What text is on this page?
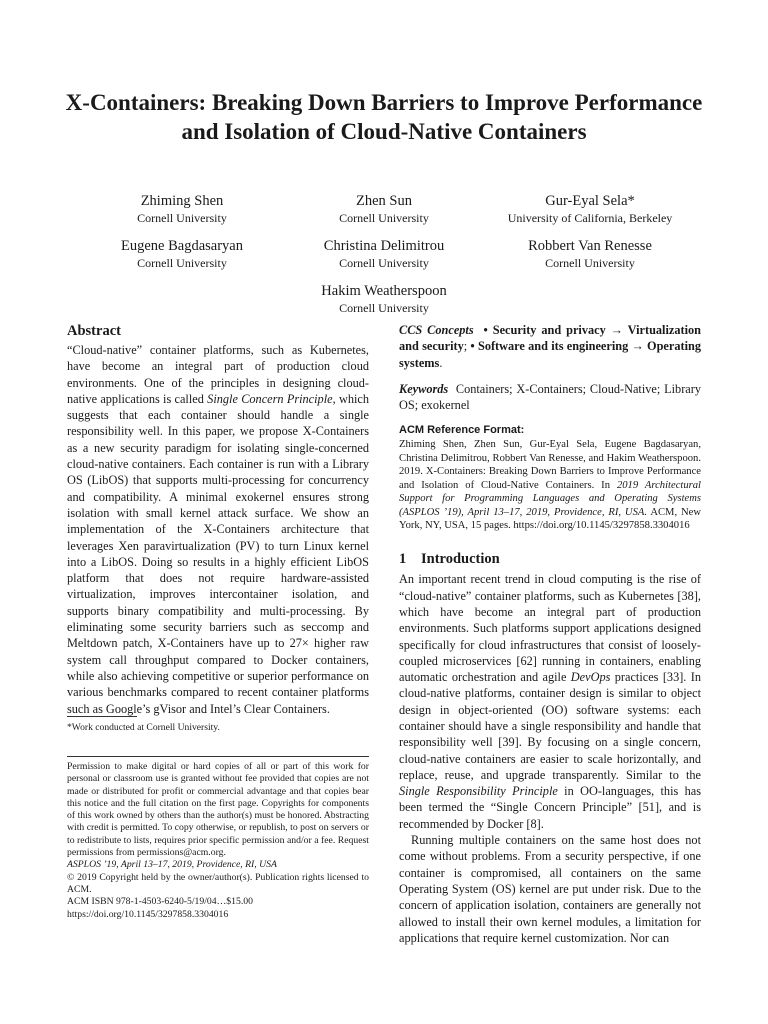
X-Containers: Breaking Down Barriers to Improve Performance and Isolation of Cloud-Native Containers
Zhiming Shen
Cornell University
Zhen Sun
Cornell University
Gur-Eyal Sela*
University of California, Berkeley
Eugene Bagdasaryan
Cornell University
Christina Delimitrou
Cornell University
Robbert Van Renesse
Cornell University
Hakim Weatherspoon
Cornell University
Abstract

“Cloud-native” container platforms, such as Kubernetes, have become an integral part of production cloud environments. One of the principles in designing cloud-native applications is called Single Concern Principle, which suggests that each container should handle a single responsibility well. In this paper, we propose X-Containers as a new security paradigm for isolating single-concerned cloud-native containers. Each container is run with a Library OS (LibOS) that supports multi-processing for concurrency and compatibility. A minimal exokernel ensures strong isolation with small kernel attack surface. We show an implementation of the X-Containers architecture that leverages Xen paravirtualization (PV) to turn Linux kernel into a LibOS. Doing so results in a highly efficient LibOS platform that does not require hardware-assisted virtualization, improves intercontainer isolation, and supports binary compatibility and multi-processing. By eliminating some security barriers such as seccomp and Meltdown patch, X-Containers have up to 27× higher raw system call throughput compared to Docker containers, while also achieving competitive or superior performance on various benchmarks compared to recent container platforms such as Google’s gVisor and Intel’s Clear Containers.

*Work conducted at Cornell University.

Permission to make digital or hard copies of all or part of this work for personal or classroom use is granted without fee provided that copies are not made or distributed for profit or commercial advantage and that copies bear this notice and the full citation on the first page. Copyrights for components of this work owned by others than the author(s) must be honored. Abstracting with credit is permitted. To copy otherwise, or republish, to post on servers or to redistribute to lists, requires prior specific permission and/or a fee. Request permissions from permissions@acm.org.

ASPLOS ’19, April 13–17, 2019, Providence, RI, USA

© 2019 Copyright held by the owner/author(s). Publication rights licensed to ACM.

ACM ISBN 978-1-4503-6240-5/19/04…$15.00

https://doi.org/10.1145/3297858.3304016

CCS Concepts • Security and privacy → Virtualization and security; • Software and its engineering → Operating systems.

Keywords Containers; X-Containers; Cloud-Native; Library OS; exokernel

ACM Reference Format:

Zhiming Shen, Zhen Sun, Gur-Eyal Sela, Eugene Bagdasaryan, Christina Delimitrou, Robbert Van Renesse, and Hakim Weatherspoon. 2019. X-Containers: Breaking Down Barriers to Improve Performance and Isolation of Cloud-Native Containers. In 2019 Architectural Support for Programming Languages and Operating Systems (ASPLOS ’19), April 13–17, 2019, Providence, RI, USA. ACM, New York, NY, USA, 15 pages. https://doi.org/10.1145/3297858.3304016

1 Introduction

An important recent trend in cloud computing is the rise of “cloud-native” container platforms, such as Kubernetes [38], which have become an integral part of production environments. Such platforms support applications designed specifically for cloud infrastructures that consist of loosely-coupled microservices [62] running in containers, enabling automatic orchestration and agile DevOps practices [33]. In cloud-native platforms, container design is similar to object design in object-oriented (OO) software systems: each container should have a single responsibility and handle that responsibility well [39]. By focusing on a single concern, cloud-native containers are easier to scale horizontally, and replace, reuse, and upgrade transparently. Similar to the Single Responsibility Principle in OO-languages, this has been termed the “Single Concern Principle” [51], and is recommended by Docker [8].

Running multiple containers on the same host does not come without problems. From a security perspective, if one container is compromised, all containers on the same Operating System (OS) kernel are put under risk. Due to the concern of application isolation, containers are generally not allowed to install their own kernel modules, a limitation for applications that require kernel customization. Nor can
